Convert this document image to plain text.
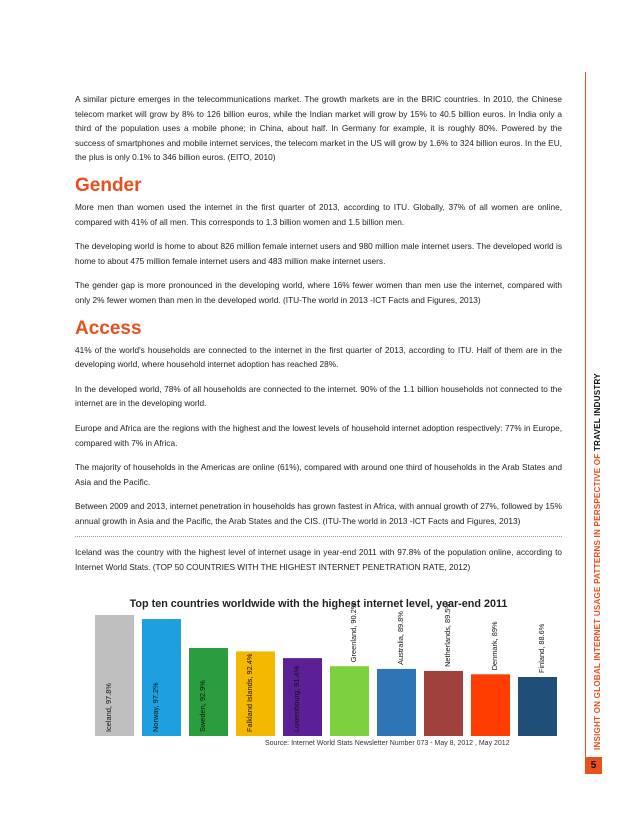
A similar picture emerges in the telecommunications market. The growth markets are in the BRIC countries. In 2010, the Chinese telecom market will grow by 8% to 126 billion euros, while the Indian market will grow by 15% to 40.5 billion euros. In India only a third of the population uses a mobile phone; in China, about half. In Germany for example, it is roughly 80%. Powered by the success of smartphones and mobile internet services, the telecom market in the US will grow by 1.6% to 324 billion euros. In the EU, the plus is only 0.1% to 346 billion euros. (EITO, 2010)

Gender

More men than women used the internet in the first quarter of 2013, according to ITU. Globally, 37% of all women are online, compared with 41% of all men. This corresponds to 1.3 billion women and 1.5 billion men.

The developing world is home to about 826 million female internet users and 980 million male internet users. The developed world is home to about 475 million female internet users and 483 million make internet users.

The gender gap is more pronounced in the developing world, where 16% fewer women than men use the internet, compared with only 2% fewer women than men in the developed world. (ITU-The world in 2013 -ICT Facts and Figures, 2013)

Access

41% of the world's households are connected to the internet in the first quarter of 2013, according to ITU. Half of them are in the developing world, where household internet adoption has reached 28%.

In the developed world, 78% of all households are connected to the internet. 90% of the 1.1 billion households not connected to the internet are in the developing world.

Europe and Africa are the regions with the highest and the lowest levels of household internet adoption respectively: 77% in Europe, compared with 7% in Africa.

The majority of households in the Americas are online (61%), compared with around one third of households in the Arab States and Asia and the Pacific.

Between 2009 and 2013, internet penetration in households has grown fastest in Africa, with annual growth of 27%, followed by 15% annual growth in Asia and the Pacific, the Arab States and the CIS. (ITU-The world in 2013 -ICT Facts and Figures, 2013)

Iceland was the country with the highest level of internet usage in year-end 2011 with 97.8% of the population online, according to Internet World Stats. (TOP 50 COUNTRIES WITH THE HIGHEST INTERNET PENETRATION RATE, 2012)

Top ten countries worldwide with the highest internet level, year-end 2011
Iceland, 97.8%	Norway, 97.2%	Sweden, 92.9%	Falkland Islands, 92.4%	Luxembourg, 91.4%
Greenland, 90.2%	Australia, 89.8%	Netherlands, 89.5%	Denmark, 89%	Finland, 88.6%
Source: Internet World Stats Newsletter Number 073 - May 8, 2012 , May 2012	INSIGHT ON GLOBAL INTERNET USAGE PATTERNS IN PERSPECTIVE OF TRAVEL INDUSTRY
5
